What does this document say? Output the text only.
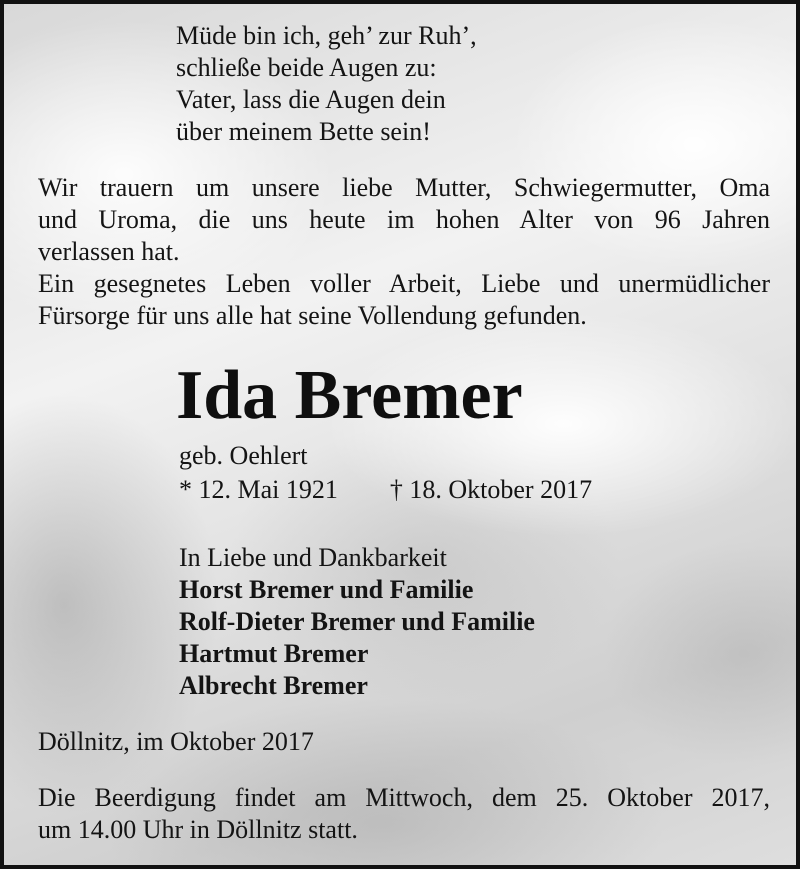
Müde bin ich, geh’ zur Ruh’,
schließe beide Augen zu:
Vater, lass die Augen dein
über meinem Bette sein!
Wir trauern um unsere liebe Mutter, Schwiegermutter, Oma
und Uroma, die uns heute im hohen Alter von 96 Jahren
verlassen hat.
Ein gesegnetes Leben voller Arbeit, Liebe und unermüdlicher
Fürsorge für uns alle hat seine Vollendung gefunden.
Ida Bremer
geb. Oehlert
* 12. Mai 1921 † 18. Oktober 2017
In Liebe und Dankbarkeit
Horst Bremer und Familie
Rolf-Dieter Bremer und Familie
Hartmut Bremer
Albrecht Bremer
Döllnitz, im Oktober 2017
Die Beerdigung findet am Mittwoch, dem 25. Oktober 2017,
um 14.00 Uhr in Döllnitz statt.
